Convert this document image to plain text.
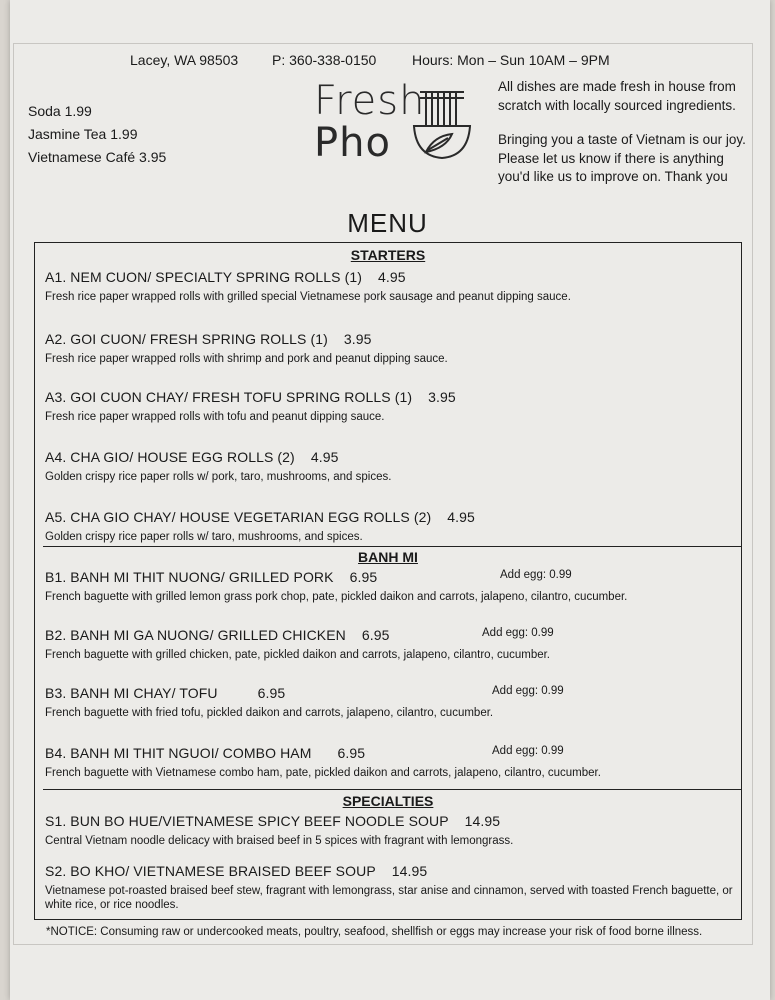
Lacey, WA 98503 P: 360-338-0150	Hours: Mon – Sun 10AM – 9PM
Soda 1.99
Jasmine Tea 1.99
Vietnamese Café 3.95
Fresh
Pho

All dishes are made fresh in house from scratch with locally sourced ingredients.

Bringing you a taste of Vietnam is our joy. Please let us know if there is anything you'd like us to improve on. Thank you

MENU
STARTERS
A1. NEM CUON/ SPECIALTY SPRING ROLLS (1) 4.95
Fresh rice paper wrapped rolls with grilled special Vietnamese pork sausage and peanut dipping sauce.
A2. GOI CUON/ FRESH SPRING ROLLS (1) 3.95
Fresh rice paper wrapped rolls with shrimp and pork and peanut dipping sauce.
A3. GOI CUON CHAY/ FRESH TOFU SPRING ROLLS (1) 3.95
Fresh rice paper wrapped rolls with tofu and peanut dipping sauce.
A4. CHA GIO/ HOUSE EGG ROLLS (2) 4.95
Golden crispy rice paper rolls w/ pork, taro, mushrooms, and spices.
A5. CHA GIO CHAY/ HOUSE VEGETARIAN EGG ROLLS (2) 4.95
Golden crispy rice paper rolls w/ taro, mushrooms, and spices.
BANH MI
B1. BANH MI THIT NUONG/ GRILLED PORK 6.95	Add egg: 0.99
French baguette with grilled lemon grass pork chop, pate, pickled daikon and carrots, jalapeno, cilantro, cucumber.
B2. BANH MI GA NUONG/ GRILLED CHICKEN 6.95	Add egg: 0.99
French baguette with grilled chicken, pate, pickled daikon and carrots, jalapeno, cilantro, cucumber.
B3. BANH MI CHAY/ TOFU	6.95	Add egg: 0.99
French baguette with fried tofu, pickled daikon and carrots, jalapeno, cilantro, cucumber.
B4. BANH MI THIT NGUOI/ COMBO HAM 6.95	Add egg: 0.99
French baguette with Vietnamese combo ham, pate, pickled daikon and carrots, jalapeno, cilantro, cucumber.
SPECIALTIES
S1. BUN BO HUE/VIETNAMESE SPICY BEEF NOODLE SOUP 14.95
Central Vietnam noodle delicacy with braised beef in 5 spices with fragrant with lemongrass.
S2. BO KHO/ VIETNAMESE BRAISED BEEF SOUP 14.95
Vietnamese pot-roasted braised beef stew, fragrant with lemongrass, star anise and cinnamon, served with toasted French baguette, or white rice, or rice noodles.
*NOTICE: Consuming raw or undercooked meats, poultry, seafood, shellfish or eggs may increase your risk of food borne illness.
